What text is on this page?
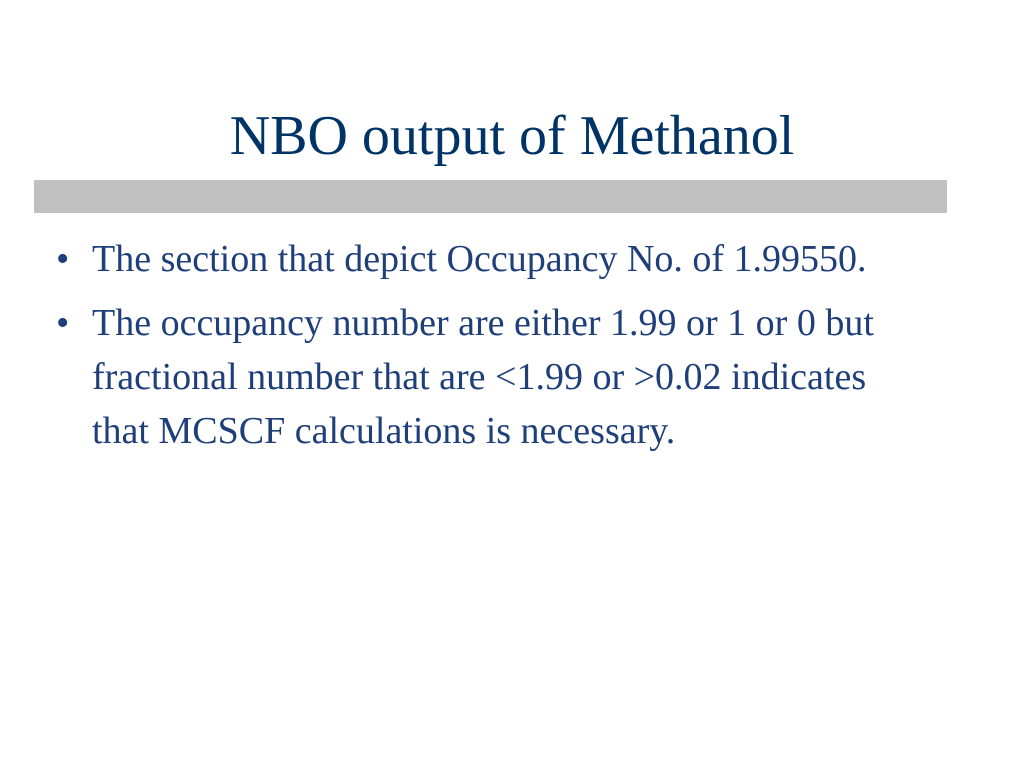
NBO output of Methanol
• The section that depict Occupancy No. of 1.99550.
• The occupancy number are either 1.99 or 1 or 0 but fractional number that are <1.99 or >0.02 indicates that MCSCF calculations is necessary.
